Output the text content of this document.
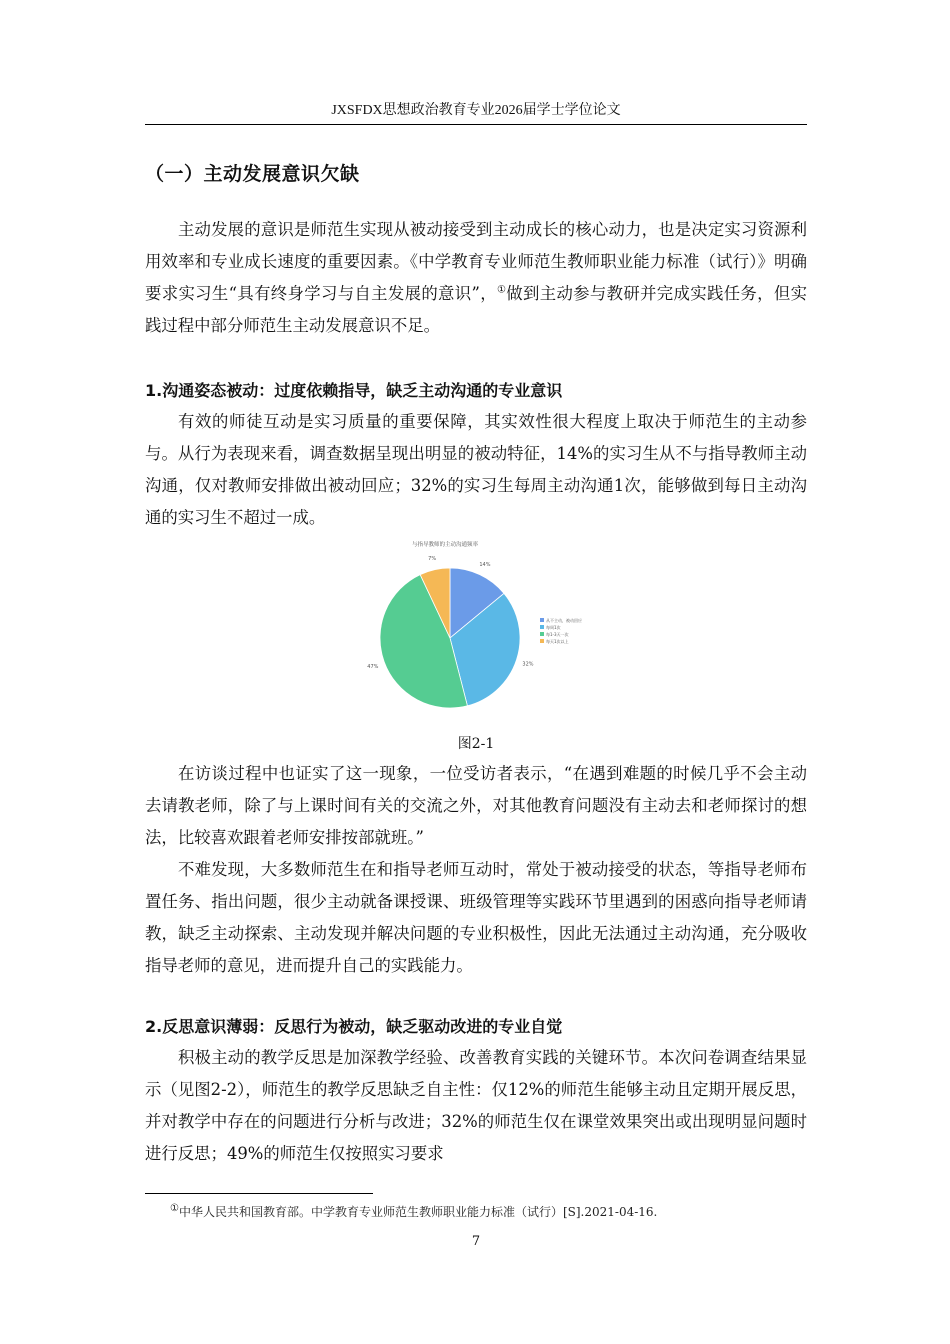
JXSFDX思想政治教育专业2026届学士学位论文
（一）主动发展意识欠缺
主动发展的意识是师范生实现从被动接受到主动成长的核心动力，也是决定实习资源利用效率和专业成长速度的重要因素。《中学教育专业师范生教师职业能力标准（试行）》明确要求实习生“具有终身学习与自主发展的意识”，①做到主动参与教研并完成实践任务，但实践过程中部分师范生主动发展意识不足。
1.沟通姿态被动：过度依赖指导，缺乏主动沟通的专业意识
有效的师徒互动是实习质量的重要保障，其实效性很大程度上取决于师范生的主动参与。从行为表现来看，调查数据呈现出明显的被动特征，14%的实习生从不与指导教师主动沟通，仅对教师安排做出被动回应；32%的实习生每周主动沟通1次，能够做到每日主动沟通的实习生不超过一成。
与指导教师的主动沟通频率
14%
32%
47%
7%
从不主动，被动回应
每周1次
每1-3天一次
每天1次以上
图2-1
在访谈过程中也证实了这一现象，一位受访者表示，“在遇到难题的时候几乎不会主动去请教老师，除了与上课时间有关的交流之外，对其他教育问题没有主动去和老师探讨的想法，比较喜欢跟着老师安排按部就班。”
不难发现，大多数师范生在和指导老师互动时，常处于被动接受的状态，等指导老师布置任务、指出问题，很少主动就备课授课、班级管理等实践环节里遇到的困惑向指导老师请教，缺乏主动探索、主动发现并解决问题的专业积极性，因此无法通过主动沟通，充分吸收指导老师的意见，进而提升自己的实践能力。
2.反思意识薄弱：反思行为被动，缺乏驱动改进的专业自觉
积极主动的教学反思是加深教学经验、改善教育实践的关键环节。本次问卷调查结果显示（见图2-2），师范生的教学反思缺乏自主性：仅12%的师范生能够主动且定期开展反思，并对教学中存在的问题进行分析与改进；32%的师范生仅在课堂效果突出或出现明显问题时进行反思；49%的师范生仅按照实习要求
①中华人民共和国教育部。中学教育专业师范生教师职业能力标准（试行）[S].2021-04-16.
7
